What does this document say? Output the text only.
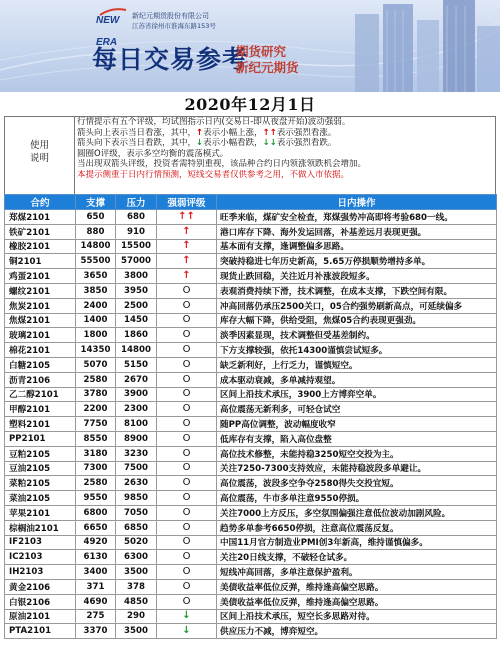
NEW ERA
新纪元期货股份有限公司
江苏省徐州市淮海东路153号
每日交易参考
期货研究
新纪元期货
2020年12月1日
使用
说明
行情提示有五个评级，均试图指示日内(交易日-即从夜盘开始)波动强弱。
箭头向上表示当日看涨，其中，↑表示小幅上涨，↑↑表示强烈看涨。
箭头向下表示当日看跌，其中，↓表示小幅看跌，↓↓表示强烈看跌。
圆圈O评级，表示多空均衡的震荡模式。
当出现双箭头评级，投资者需特别重视，该品种合约日内领涨领跌机会增加。
本提示侧重于日内行情预测，短线交易者仅供参考之用，不做入市依据。
合约	支撑	压力	强弱评级	日内操作
郑煤2101	650	680	↑↑	旺季来临，煤矿安全检查，郑煤强势冲高即将考验680一线。
铁矿2101	880	910	↑	港口库存下降、海外发运回落，补基差远月表现更强。
橡胶2101	14800	15500	↑	基本面有支撑，逢调整偏多思路。
铜2101	55500	57000	↑	突破持稳进七年历史新高，5.65万停损顺势增持多单。
鸡蛋2101	3650	3800	↑	现货止跌回稳，关注近月补涨波段短多。
螺纹2101	3850	3950	O	表观消费持续下滑，技术调整，在成本支撑，下跌空间有限。
焦炭2101	2400	2500	O	冲高回落仍承压2500关口，05合约强势刷新高点，可延续偏多
焦煤2101	1400	1450	O	库存大幅下降，供给受阻，焦煤05合约表现更强劲。
玻璃2101	1800	1860	O	淡季因素显现，技术调整但受基差制约。
棉花2101	14350	14800	O	下方支撑较强，依托14300谨慎尝试短多。
白糖2105	5070	5150	O	缺乏新利好，上行乏力，谨慎短空。
沥青2106	2580	2670	O	成本驱动衰减，多单减持观望。
乙二醇2101	3780	3900	O	区间上沿技术承压，3900上方博弈空单。
甲醇2101	2200	2300	O	高位震荡无新利多，可轻仓试空
塑料2101	7750	8100	O	随PP高位调整，波动幅度收窄
PP2101	8550	8900	O	低库存有支撑，陷入高位盘整
豆粕2105	3180	3230	O	高位技术修整，未能持稳3250短空交投为主。
豆油2105	7300	7500	O	关注7250-7300支持效应，未能持稳波段多单避让。
菜粕2105	2580	2630	O	高位震荡，波段多空争夺2580得失交投宜短。
菜油2105	9550	9850	O	高位震荡，牛市多单注意9550停损。
苹果2101	6800	7050	O	关注7000上方反压，多空氛围偏强注意低位波动加剧风险。
棕榈油2101	6650	6850	O	趋势多单参考6650停损，注意高位震荡反复。
IF2103	4920	5020	O	中国11月官方制造业PMI创3年新高，维持谨慎偏多。
IC2103	6130	6300	O	关注20日线支撑，不破轻仓试多。
IH2103	3400	3500	O	短线冲高回落，多单注意保护盈利。
黄金2106	371	378	O	美债收益率低位反弹，维持逢高偏空思路。
白银2106	4690	4850	O	美债收益率低位反弹，维持逢高偏空思路。
原油2101	275	290	↓	区间上沿技术承压，短空长多思路对待。
PTA2101	3370	3500	↓	供应压力不减，博弈短空。
